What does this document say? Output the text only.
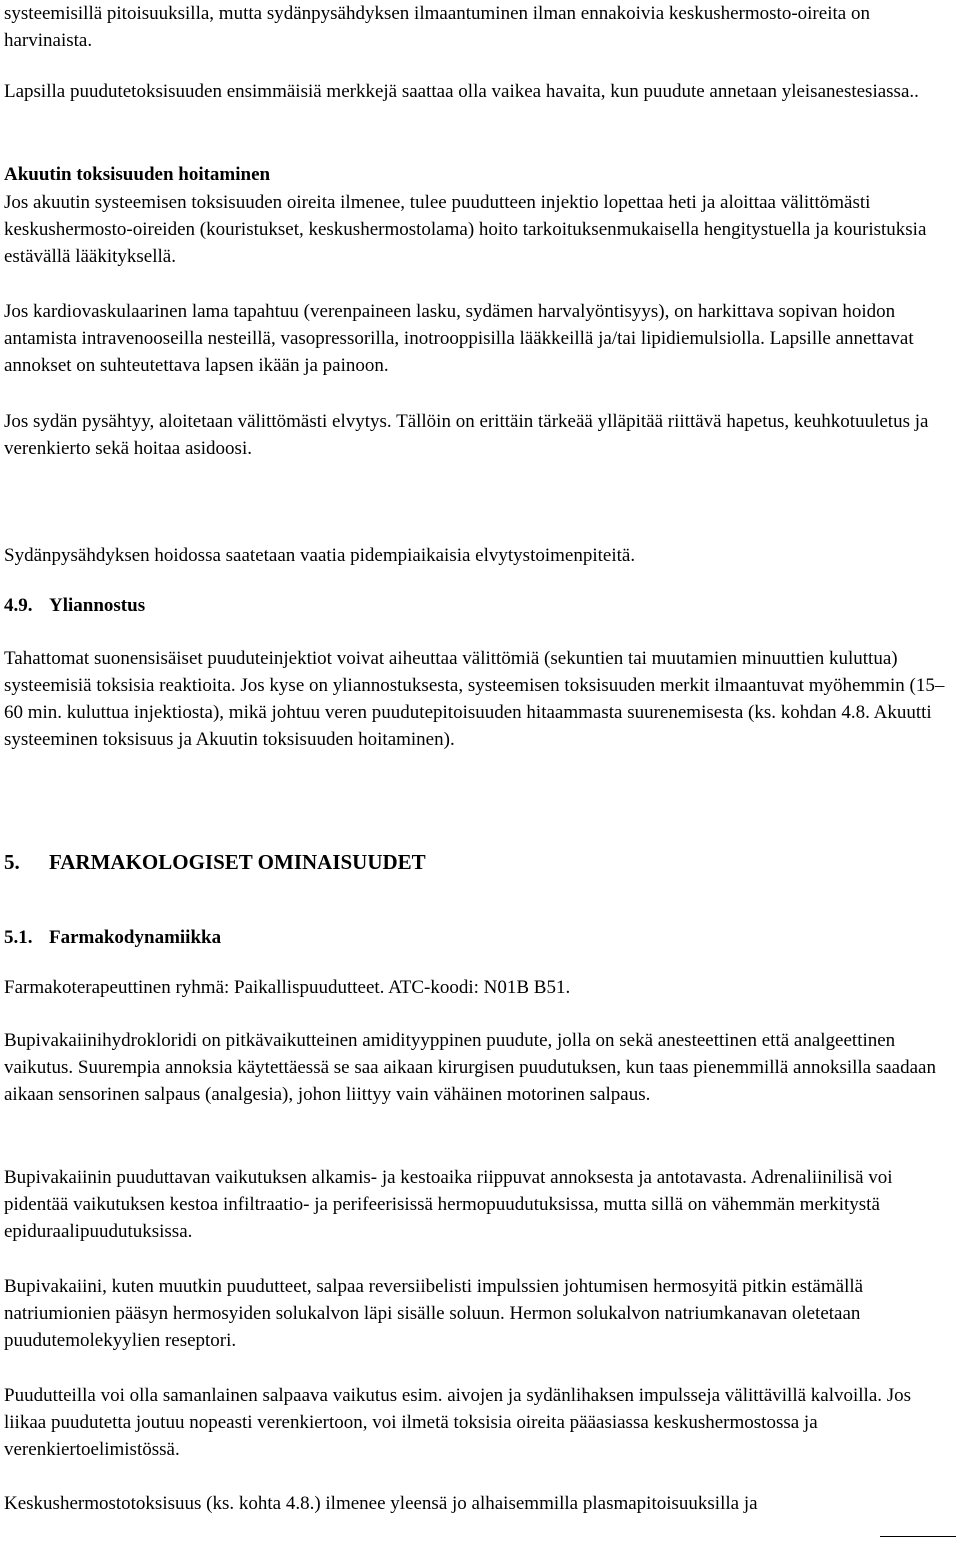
systeemisillä pitoisuuksilla, mutta sydänpysähdyksen ilmaantuminen ilman ennakoivia keskushermosto-oireita on harvinaista.

Lapsilla puudutetoksisuuden ensimmäisiä merkkejä saattaa olla vaikea havaita, kun puudute annetaan yleisanestesiassa..

Akuutin toksisuuden hoitaminen

Jos akuutin systeemisen toksisuuden oireita ilmenee, tulee puudutteen injektio lopettaa heti ja aloittaa välittömästi keskushermosto-oireiden (kouristukset, keskushermostolama) hoito tarkoituksenmukaisella hengitystuella ja kouristuksia estävällä lääkityksellä.

Jos kardiovaskulaarinen lama tapahtuu (verenpaineen lasku, sydämen harvalyöntisyys), on harkittava sopivan hoidon antamista intravenooseilla nesteillä, vasopressorilla, inotrooppisilla lääkkeillä ja/tai lipidiemulsiolla. Lapsille annettavat annokset on suhteutettava lapsen ikään ja painoon.

Jos sydän pysähtyy, aloitetaan välittömästi elvytys. Tällöin on erittäin tärkeää ylläpitää riittävä hapetus, keuhkotuuletus ja verenkierto sekä hoitaa asidoosi.

Sydänpysähdyksen hoidossa saatetaan vaatia pidempiaikaisia elvytystoimenpiteitä.

4.9. Yliannostus

Tahattomat suonensisäiset puuduteinjektiot voivat aiheuttaa välittömiä (sekuntien tai muutamien minuuttien kuluttua) systeemisiä toksisia reaktioita. Jos kyse on yliannostuksesta, systeemisen toksisuuden merkit ilmaantuvat myöhemmin (15–60 min. kuluttua injektiosta), mikä johtuu veren puudutepitoisuuden hitaammasta suurenemisesta (ks. kohdan 4.8. Akuutti systeeminen toksisuus ja Akuutin toksisuuden hoitaminen).

5. FARMAKOLOGISET OMINAISUUDET

5.1. Farmakodynamiikka

Farmakoterapeuttinen ryhmä: Paikallispuudutteet. ATC-koodi: N01B B51.

Bupivakaiinihydrokloridi on pitkävaikutteinen amidityyppinen puudute, jolla on sekä anesteettinen että analgeettinen vaikutus. Suurempia annoksia käytettäessä se saa aikaan kirurgisen puudutuksen, kun taas pienemmillä annoksilla saadaan aikaan sensorinen salpaus (analgesia), johon liittyy vain vähäinen motorinen salpaus.

Bupivakaiinin puuduttavan vaikutuksen alkamis- ja kestoaika riippuvat annoksesta ja antotavasta. Adrenaliinilisä voi pidentää vaikutuksen kestoa infiltraatio- ja perifeerisissä hermopuudutuksissa, mutta sillä on vähemmän merkitystä epiduraalipuudutuksissa.

Bupivakaiini, kuten muutkin puudutteet, salpaa reversiibelisti impulssien johtumisen hermosyitä pitkin estämällä natriumionien pääsyn hermosyiden solukalvon läpi sisälle soluun. Hermon solukalvon natriumkanavan oletetaan puudutemolekyylien reseptori.

Puudutteilla voi olla samanlainen salpaava vaikutus esim. aivojen ja sydänlihaksen impulsseja välittävillä kalvoilla. Jos liikaa puudutetta joutuu nopeasti verenkiertoon, voi ilmetä toksisia oireita pääasiassa keskushermostossa ja verenkiertoelimistössä.

Keskushermostotoksisuus (ks. kohta 4.8.) ilmenee yleensä jo alhaisemmilla plasmapitoisuuksilla ja
